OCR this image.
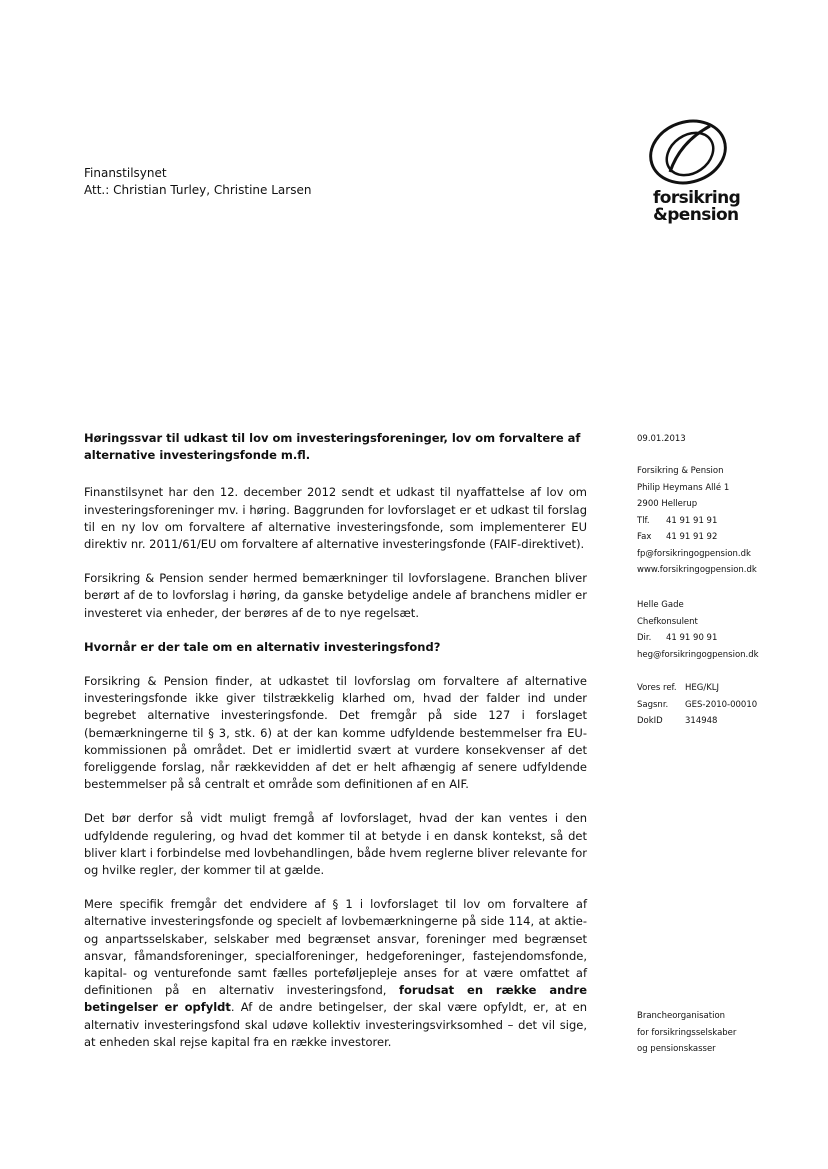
Finanstilsynet
Att.: Christian Turley, Christine Larsen	forsikring
&pension
Høringssvar til udkast til lov om investeringsforeninger, lov om forvaltere af alternative investeringsfonde m.fl.
Finanstilsynet har den 12. december 2012 sendt et udkast til nyaffattelse af lov om investeringsforeninger mv. i høring. Baggrunden for lovforslaget er et udkast til forslag til en ny lov om forvaltere af alternative investeringsfonde, som implementerer EU direktiv nr. 2011/61/EU om forvaltere af alternative investeringsfonde (FAIF-direktivet).
Forsikring & Pension sender hermed bemærkninger til lovforslagene. Branchen bliver berørt af de to lovforslag i høring, da ganske betydelige andele af branchens midler er investeret via enheder, der berøres af de to nye regelsæt.
Hvornår er der tale om en alternativ investeringsfond?
Forsikring & Pension finder, at udkastet til lovforslag om forvaltere af alternative investeringsfonde ikke giver tilstrækkelig klarhed om, hvad der falder ind under begrebet alternative investeringsfonde. Det fremgår på side 127 i forslaget (bemærkningerne til § 3, stk. 6) at der kan komme udfyldende bestemmelser fra EU-kommissionen på området. Det er imidlertid svært at vurdere konsekvenser af det foreliggende forslag, når rækkevidden af det er helt afhængig af senere udfyldende bestemmelser på så centralt et område som definitionen af en AIF.
Det bør derfor så vidt muligt fremgå af lovforslaget, hvad der kan ventes i den udfyldende regulering, og hvad det kommer til at betyde i en dansk kontekst, så det bliver klart i forbindelse med lovbehandlingen, både hvem reglerne bliver relevante for og hvilke regler, der kommer til at gælde.
Mere specifik fremgår det endvidere af § 1 i lovforslaget til lov om forvaltere af alternative investeringsfonde og specielt af lovbemærkningerne på side 114, at aktie- og anpartsselskaber, selskaber med begrænset ansvar, foreninger med begrænset ansvar, fåmandsforeninger, specialforeninger, hedgeforeninger, fastejendomsfonde, kapital- og venturefonde samt fælles porteføljepleje anses for at være omfattet af definitionen på en alternativ investeringsfond, forudsat en række andre betingelser er opfyldt. Af de andre betingelser, der skal være opfyldt, er, at en alternativ investeringsfond skal udøve kollektiv investeringsvirksomhed – det vil sige, at enheden skal rejse kapital fra en række investorer.
09.01.2013
Forsikring & Pension
Philip Heymans Allé 1
2900 Hellerup
Tlf.	41 91 91 91
Fax	41 91 91 92
fp@forsikringogpension.dk
www.forsikringogpension.dk
Helle Gade
Chefkonsulent
Dir.	41 91 90 91
heg@forsikringogpension.dk
Vores ref. HEG/KLJ
Sagsnr.	GES-2010-00010
DokID	314948
Brancheorganisation
for forsikringsselskaber
og pensionskasser
